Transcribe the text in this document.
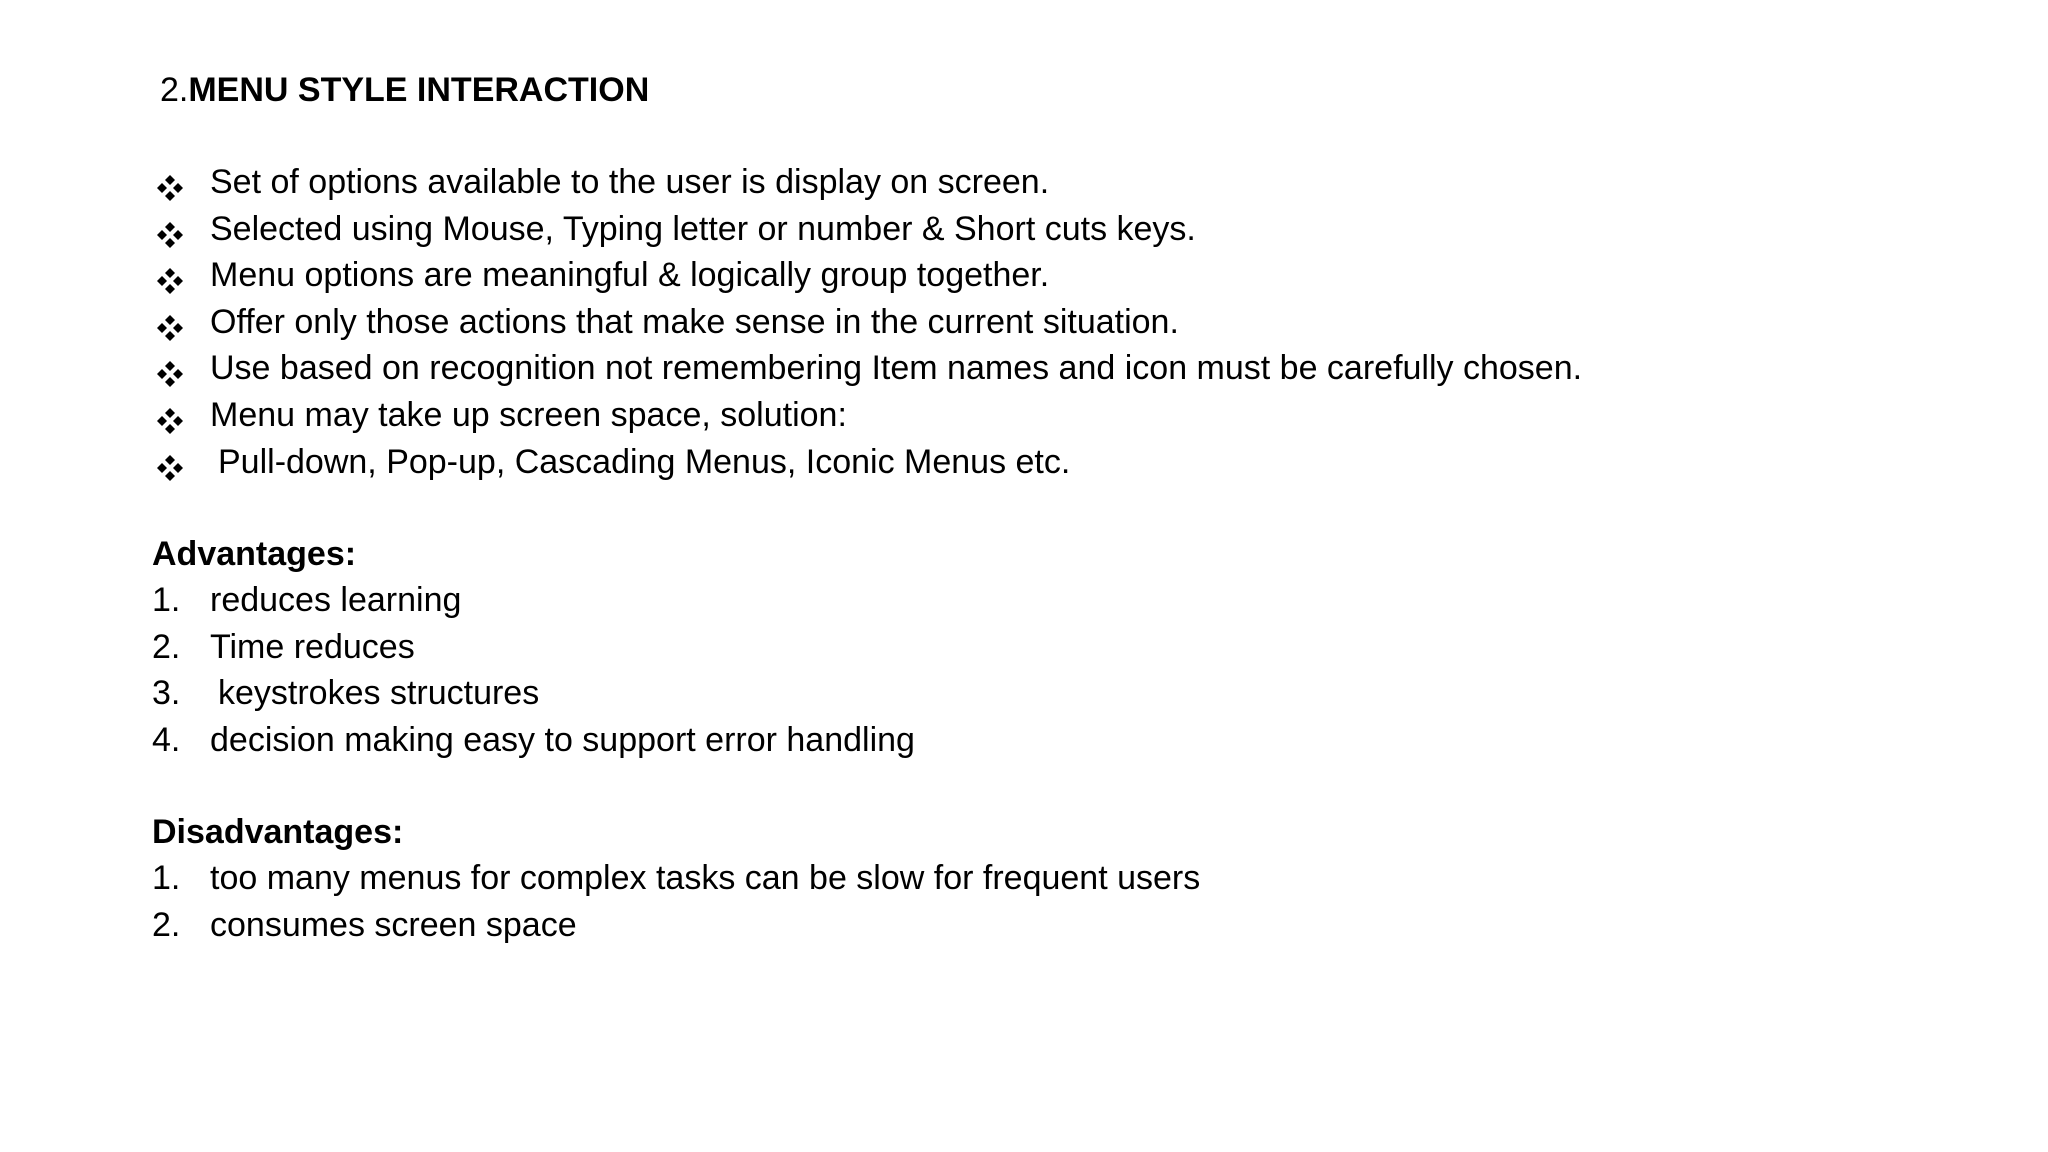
2.MENU STYLE INTERACTION
Set of options available to the user is display on screen.
Selected using Mouse, Typing letter or number & Short cuts keys.
Menu options are meaningful & logically group together.
Offer only those actions that make sense in the current situation.
Use based on recognition not remembering Item names and icon must be carefully chosen.
Menu may take up screen space, solution:
Pull-down, Pop-up, Cascading Menus, Iconic Menus etc.
Advantages:
1. reduces learning
2. Time reduces
3. keystrokes structures
4. decision making easy to support error handling
Disadvantages:
1. too many menus for complex tasks can be slow for frequent users
2. consumes screen space
